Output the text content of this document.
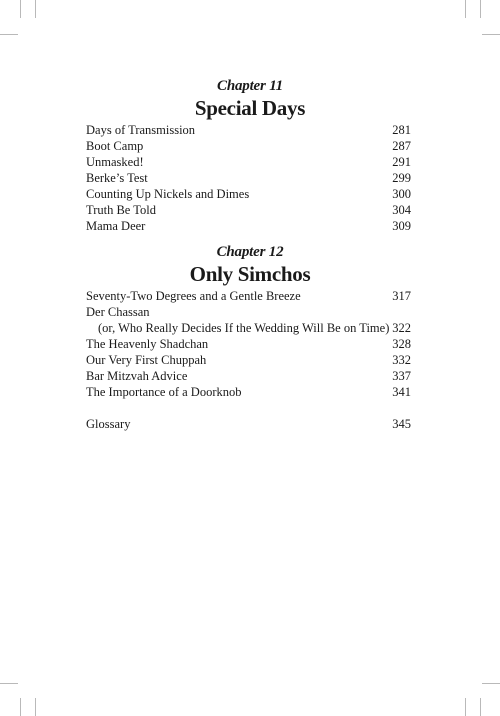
Chapter 11
Special Days
Days of Transmission	281
Boot Camp	287
Unmasked!	291
Berke’s Test	299
Counting Up Nickels and Dimes	300
Truth Be Told	304
Mama Deer	309
Chapter 12
Only Simchos
Seventy-Two Degrees and a Gentle Breeze	317
Der Chassan
(or, Who Really Decides If the Wedding Will Be on Time) 322
The Heavenly Shadchan	328
Our Very First Chuppah	332
Bar Mitzvah Advice	337
The Importance of a Doorknob	341
Glossary	345
